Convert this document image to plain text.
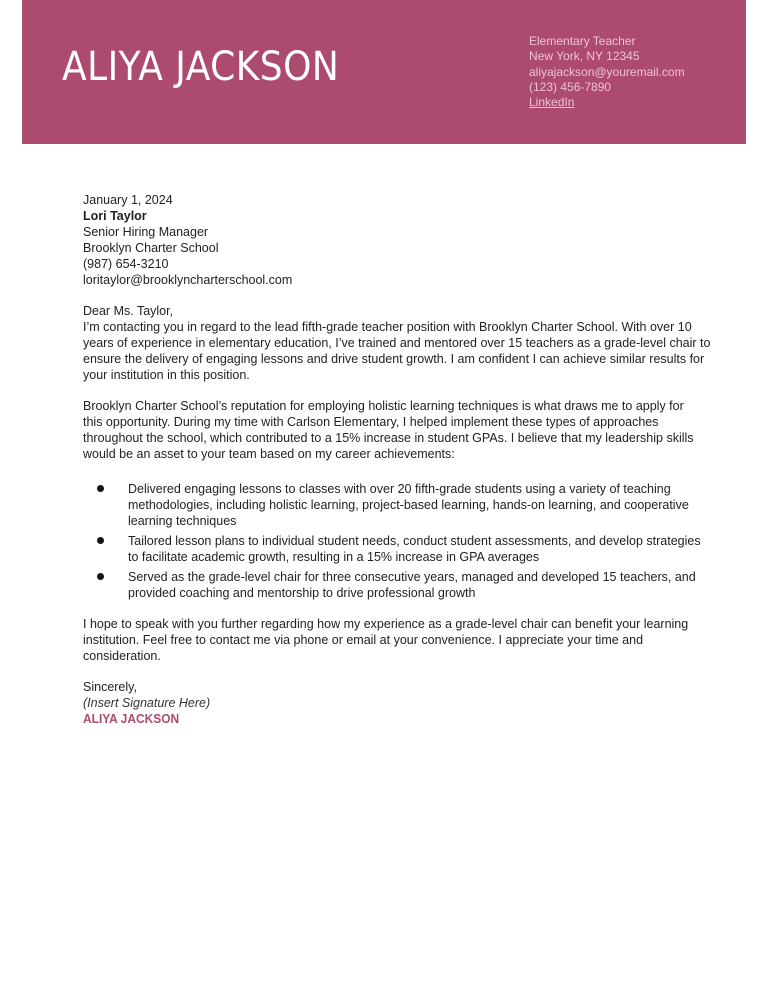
ALIYA JACKSON
Elementary Teacher
New York, NY 12345
aliyajackson@youremail.com
(123) 456-7890
LinkedIn

January 1, 2024

Lori Taylor

Senior Hiring Manager

Brooklyn Charter School

(987) 654-3210

loritaylor@brooklyncharterschool.com

Dear Ms. Taylor,

I’m contacting you in regard to the lead fifth-grade teacher position with Brooklyn Charter School. With over 10

years of experience in elementary education, I’ve trained and mentored over 15 teachers as a grade-level chair to

ensure the delivery of engaging lessons and drive student growth. I am confident I can achieve similar results for

your institution in this position.

Brooklyn Charter School’s reputation for employing holistic learning techniques is what draws me to apply for

this opportunity. During my time with Carlson Elementary, I helped implement these types of approaches

throughout the school, which contributed to a 15% increase in student GPAs. I believe that my leadership skills

would be an asset to your team based on my career achievements:

Delivered engaging lessons to classes with over 20 fifth-grade students using a variety of teaching
methodologies, including holistic learning, project-based learning, hands-on learning, and cooperative
learning techniques
Tailored lesson plans to individual student needs, conduct student assessments, and develop strategies
to facilitate academic growth, resulting in a 15% increase in GPA averages
Served as the grade-level chair for three consecutive years, managed and developed 15 teachers, and
provided coaching and mentorship to drive professional growth

I hope to speak with you further regarding how my experience as a grade-level chair can benefit your learning

institution. Feel free to contact me via phone or email at your convenience. I appreciate your time and

consideration.

Sincerely,

(Insert Signature Here)

ALIYA JACKSON
